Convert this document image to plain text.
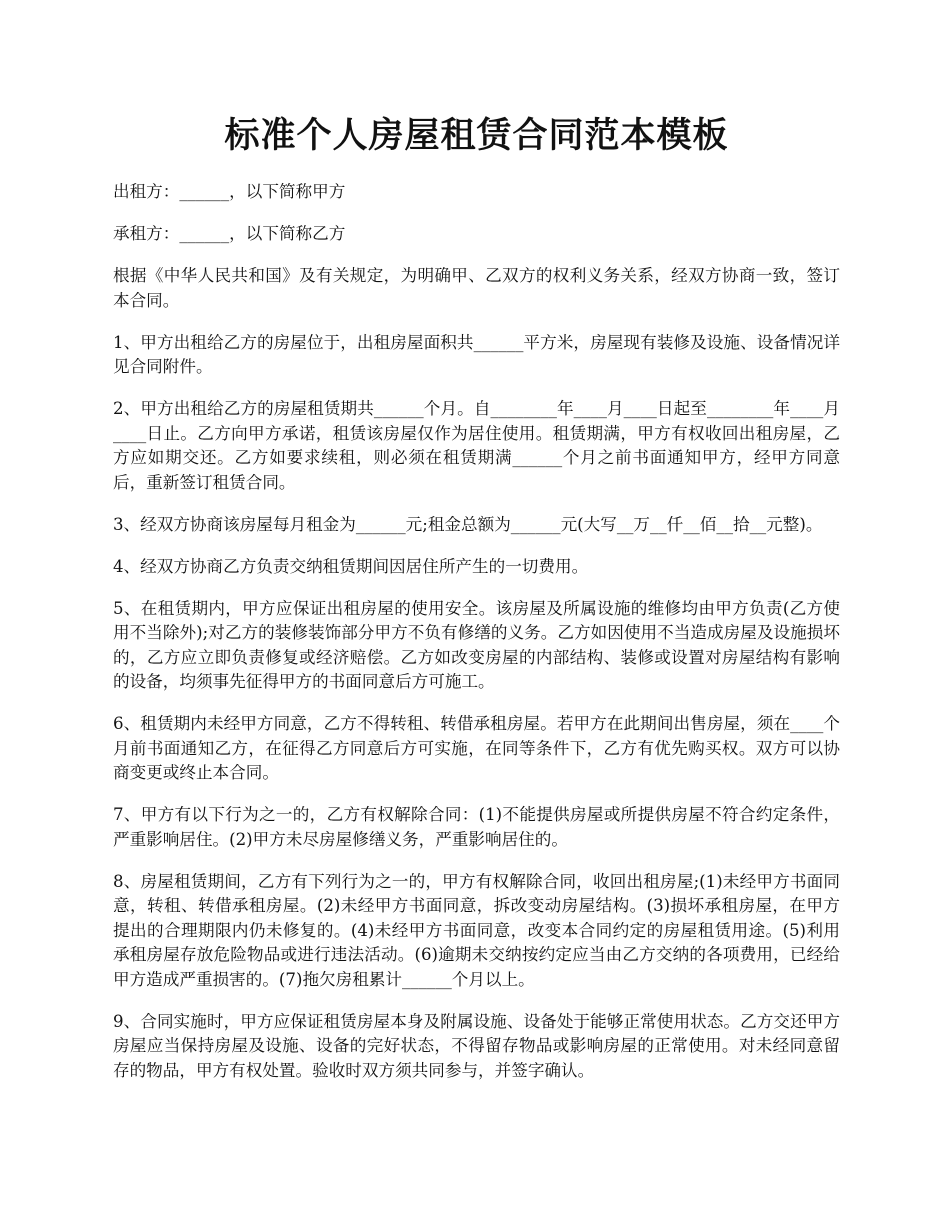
标准个人房屋租赁合同范本模板

出租方：______，以下简称甲方

承租方：______，以下简称乙方

根据《中华人民共和国》及有关规定，为明确甲、乙双方的权利义务关系，经双方协商一致，签订本合同。

1、甲方出租给乙方的房屋位于，出租房屋面积共______平方米，房屋现有装修及设施、设备情况详见合同附件。

2、甲方出租给乙方的房屋租赁期共______个月。自________年____月____日起至________年____月____日止。乙方向甲方承诺，租赁该房屋仅作为居住使用。租赁期满，甲方有权收回出租房屋，乙方应如期交还。乙方如要求续租，则必须在租赁期满______个月之前书面通知甲方，经甲方同意后，重新签订租赁合同。

3、经双方协商该房屋每月租金为______元;租金总额为______元(大写__万__仟__佰__拾__元整)。

4、经双方协商乙方负责交纳租赁期间因居住所产生的一切费用。

5、在租赁期内，甲方应保证出租房屋的使用安全。该房屋及所属设施的维修均由甲方负责(乙方使用不当除外);对乙方的装修装饰部分甲方不负有修缮的义务。乙方如因使用不当造成房屋及设施损坏的，乙方应立即负责修复或经济赔偿。乙方如改变房屋的内部结构、装修或设置对房屋结构有影响的设备，均须事先征得甲方的书面同意后方可施工。

6、租赁期内未经甲方同意，乙方不得转租、转借承租房屋。若甲方在此期间出售房屋，须在____个月前书面通知乙方，在征得乙方同意后方可实施，在同等条件下，乙方有优先购买权。双方可以协商变更或终止本合同。

7、甲方有以下行为之一的，乙方有权解除合同：(1)不能提供房屋或所提供房屋不符合约定条件，严重影响居住。(2)甲方未尽房屋修缮义务，严重影响居住的。

8、房屋租赁期间，乙方有下列行为之一的，甲方有权解除合同，收回出租房屋;(1)未经甲方书面同意，转租、转借承租房屋。(2)未经甲方书面同意，拆改变动房屋结构。(3)损坏承租房屋，在甲方提出的合理期限内仍未修复的。(4)未经甲方书面同意，改变本合同约定的房屋租赁用途。(5)利用承租房屋存放危险物品或进行违法活动。(6)逾期未交纳按约定应当由乙方交纳的各项费用，已经给甲方造成严重损害的。(7)拖欠房租累计______个月以上。

9、合同实施时，甲方应保证租赁房屋本身及附属设施、设备处于能够正常使用状态。乙方交还甲方房屋应当保持房屋及设施、设备的完好状态，不得留存物品或影响房屋的正常使用。对未经同意留存的物品，甲方有权处置。验收时双方须共同参与，并签字确认。
